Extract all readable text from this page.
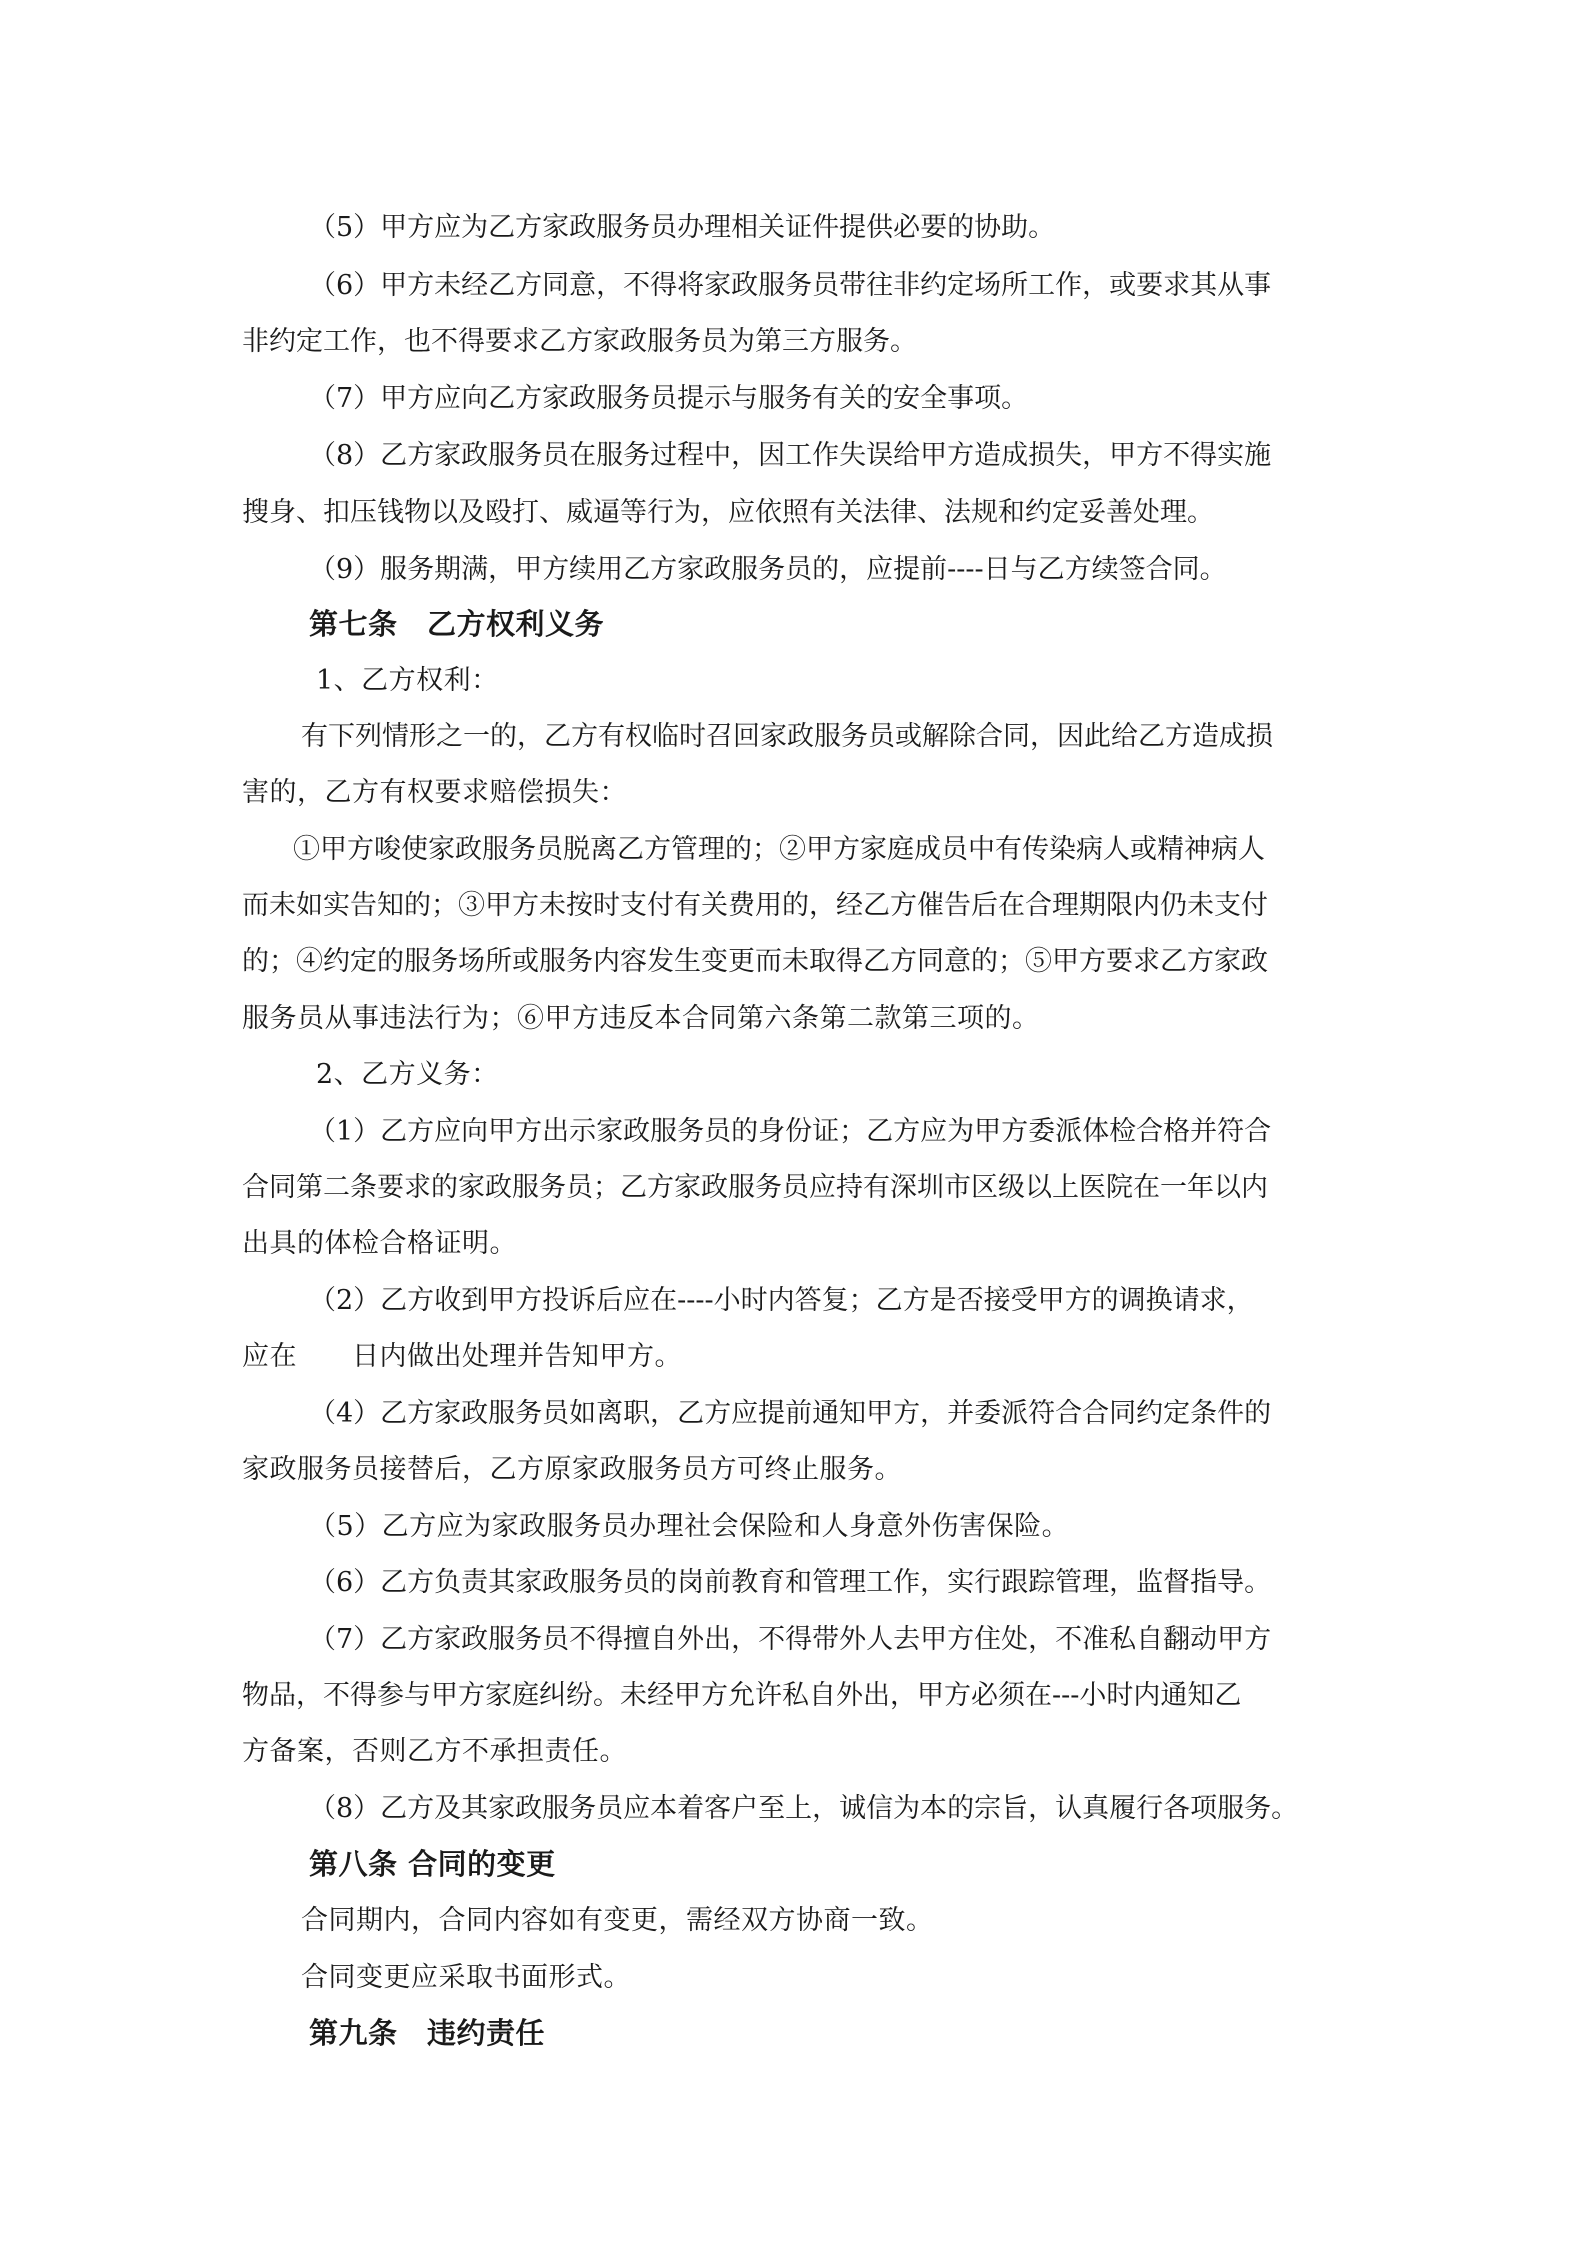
（5）甲方应为乙方家政服务员办理相关证件提供必要的协助。
（6）甲方未经乙方同意，不得将家政服务员带往非约定场所工作，或要求其从事
非约定工作，也不得要求乙方家政服务员为第三方服务。
（7）甲方应向乙方家政服务员提示与服务有关的安全事项。
（8）乙方家政服务员在服务过程中，因工作失误给甲方造成损失，甲方不得实施
搜身、扣压钱物以及殴打、威逼等行为，应依照有关法律、法规和约定妥善处理。
（9）服务期满，甲方续用乙方家政服务员的，应提前----日与乙方续签合同。
第七条　乙方权利义务
1、乙方权利：
有下列情形之一的，乙方有权临时召回家政服务员或解除合同，因此给乙方造成损
害的，乙方有权要求赔偿损失：
①甲方唆使家政服务员脱离乙方管理的；②甲方家庭成员中有传染病人或精神病人
而未如实告知的；③甲方未按时支付有关费用的，经乙方催告后在合理期限内仍未支付
的；④约定的服务场所或服务内容发生变更而未取得乙方同意的；⑤甲方要求乙方家政
服务员从事违法行为；⑥甲方违反本合同第六条第二款第三项的。
2、乙方义务：
（1）乙方应向甲方出示家政服务员的身份证；乙方应为甲方委派体检合格并符合
合同第二条要求的家政服务员；乙方家政服务员应持有深圳市区级以上医院在一年以内
出具的体检合格证明。
（2）乙方收到甲方投诉后应在----小时内答复；乙方是否接受甲方的调换请求，
应在　　日内做出处理并告知甲方。
（4）乙方家政服务员如离职，乙方应提前通知甲方，并委派符合合同约定条件的
家政服务员接替后，乙方原家政服务员方可终止服务。
（5）乙方应为家政服务员办理社会保险和人身意外伤害保险。
（6）乙方负责其家政服务员的岗前教育和管理工作，实行跟踪管理，监督指导。
（7）乙方家政服务员不得擅自外出，不得带外人去甲方住处，不准私自翻动甲方
物品，不得参与甲方家庭纠纷。未经甲方允许私自外出，甲方必须在---小时内通知乙
方备案，否则乙方不承担责任。
（8）乙方及其家政服务员应本着客户至上，诚信为本的宗旨，认真履行各项服务。
第八条 合同的变更
合同期内，合同内容如有变更，需经双方协商一致。
合同变更应采取书面形式。
第九条　违约责任
